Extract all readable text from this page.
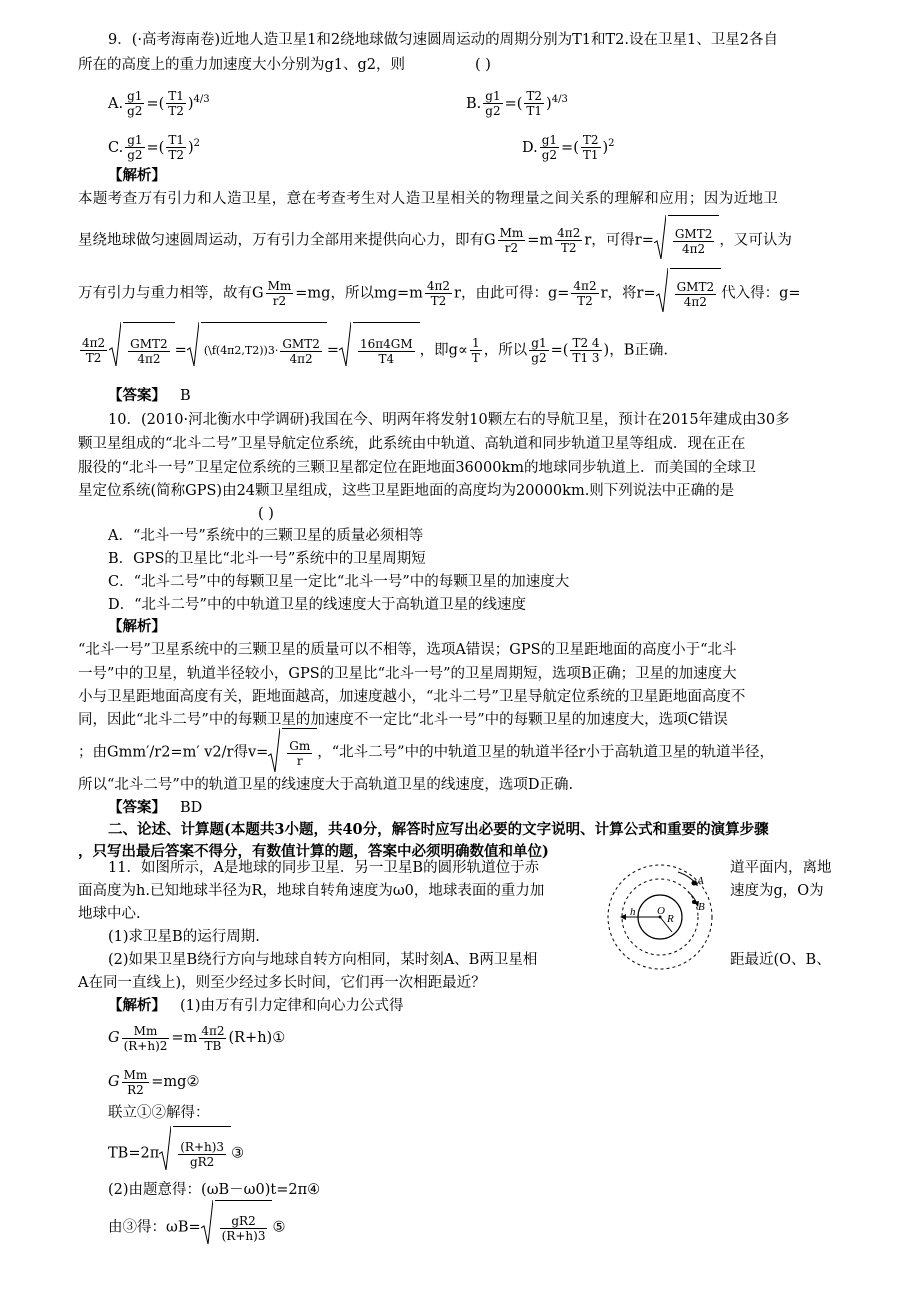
9．(·高考海南卷)近地人造卫星1和2绕地球做匀速圆周运动的周期分别为T1和T2.设在卫星1、卫星2各自
所在的高度上的重力加速度大小分别为g1、g2，则	( )
A. $\frac{g1}{g2}$ =( $\frac{T1}{T2} )^{4/3}$	B. $\frac{g1}{g2}$ =( $\frac{T2}{T1} )^{4/3}$
C. $\frac{g1}{g2}$ =( $\frac{T1}{T2} )^2$	D. $\frac{g1}{g2}$ =( $\frac{T2}{T1} )^2$
【解析】
本题考查万有引力和人造卫星，意在考查考生对人造卫星相关的物理量之间关系的理解和应用；因为近地卫
星绕地球做匀速圆周运动，万有引力全部用来提供向心力，即有G $\frac{Mm}{r2} =m \frac{4\pi 2}{T2}$ r，可得$r= \frac{\text{GMT2}}{4\pi 2}$ ，又可认为
万有引力与重力相等，故有G $\frac{Mm}{r2} =mg$，所以$mg=m \frac{4\pi 2}{T2}$ r，由此可得：$g= \frac{4\pi 2}{T2}$ r，将$r= \frac{\text{GMT2}}{4\pi 2}$ 代入得：g=
$\frac{4\pi 2}{T2} \frac{\text{GMT2}}{4\pi 2}$ = (\f(4π2,T2))3· $\frac{\text{GMT2}}{4\pi 2} = \frac{16\pi 4GM}{T4}$ ，即$g\propto \frac{1}{T}$ ，所以 $\frac{g1}{g2}$ =( $\frac{T2 4}{T1 3}$ )，B正确.
【答案】 B
10．(2010·河北衡水中学调研)我国在今、明两年将发射10颗左右的导航卫星，预计在2015年建成由30多
颗卫星组成的“北斗二号”卫星导航定位系统，此系统由中轨道、高轨道和同步轨道卫星等组成．现在正在
服役的“北斗一号”卫星定位系统的三颗卫星都定位在距地面36000km的地球同步轨道上．而美国的全球卫
星定位系统(简称GPS)由24颗卫星组成，这些卫星距地面的高度均为20000km.则下列说法中正确的是
( )
A．“北斗一号”系统中的三颗卫星的质量必须相等
B．GPS的卫星比“北斗一号”系统中的卫星周期短
C．“北斗二号”中的每颗卫星一定比“北斗一号”中的每颗卫星的加速度大
D．“北斗二号”中的中轨道卫星的线速度大于高轨道卫星的线速度
【解析】
“北斗一号”卫星系统中的三颗卫星的质量可以不相等，选项A错误；GPS的卫星距地面的高度小于“北斗
一号”中的卫星，轨道半径较小，GPS的卫星比“北斗一号”的卫星周期短，选项B正确；卫星的加速度大
小与卫星距地面高度有关，距地面越高，加速度越小，“北斗二号”卫星导航定位系统的卫星距地面高度不
同，因此“北斗二号”中的每颗卫星的加速度不一定比“北斗一号”中的每颗卫星的加速度大，选项C错误
；由Gmm′/r2=m′ v2/r得$v= \frac{Gm}{r}$ ，“北斗二号”中的中轨道卫星的轨道半径r小于高轨道卫星的轨道半径，
所以“北斗二号”中的轨道卫星的线速度大于高轨道卫星的线速度，选项D正确.
【答案】 BD
二、论述、计算题(本题共3小题，共40分，解答时应写出必要的文字说明、计算公式和重要的演算步骤
，只写出最后答案不得分，有数值计算的题，答案中必须明确数值和单位)
11．如图所示，A是地球的同步卫星．另一卫星B的圆形轨道位于赤	道平面内，离地
面高度为h.已知地球半径为R，地球自转角速度为ω0，地球表面的重力加	速度为g，O为
地球中心.
(1)求卫星B的运行周期.
(2)如果卫星B绕行方向与地球自转方向相同，某时刻A、B两卫星相	距最近(O、B、
A在同一直线上)，则至少经过多长时间，它们再一次相距最近？
A
B
h O
R
【解析】 (1)由万有引力定律和向心力公式得
G $\frac{Mm}{(R+h)2} =m \frac{4\pi 2}{TB}$ (R+h)①
G $\frac{Mm}{R2}$ =mg②
联立①②解得：
$TB=2\pi \frac{(R+h)3}{gR2}$ ③
(2)由题意得：(ωB－ω0)t=2π④
由③得：$\omega B= \frac{gR2}{(R+h)3}$ ⑤
